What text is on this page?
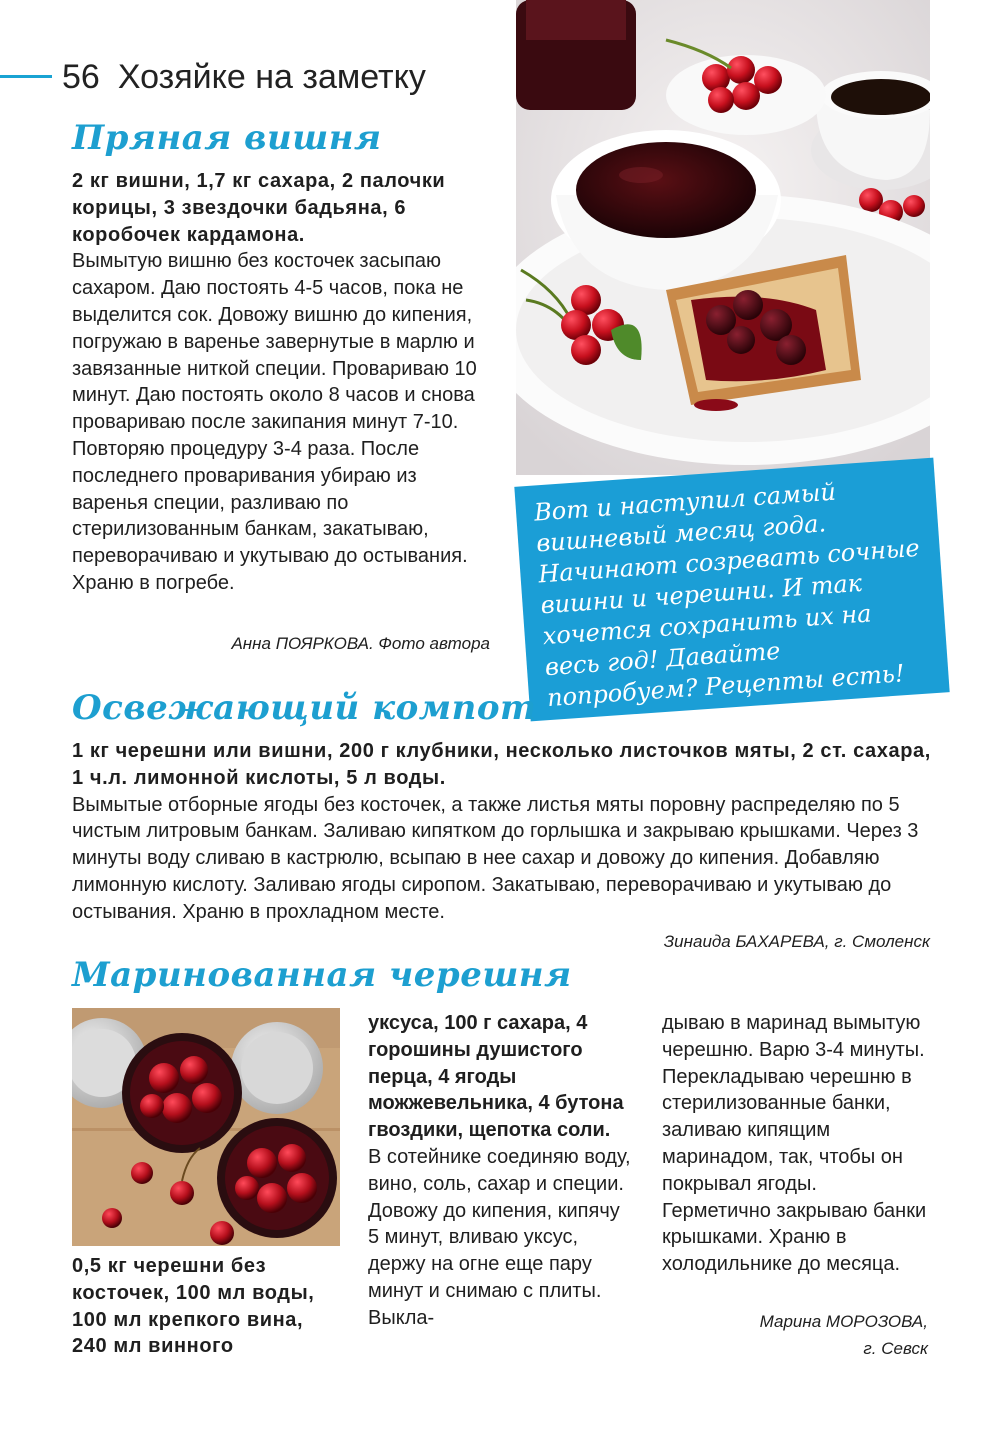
56 Хозяйке на заметку
Пряная вишня
2 кг вишни, 1,7 кг сахара, 2 палочки корицы, 3 звездочки бадьяна, 6 коробочек кардамона.
Вымытую вишню без косточек засыпаю сахаром. Даю постоять 4-5 часов, пока не выделится сок. Довожу вишню до кипения, погружаю в варенье завернутые в марлю и завязанные ниткой специи. Провариваю 10 минут. Даю постоять около 8 часов и снова провариваю после закипания минут 7-10. Повторяю процедуру 3-4 раза. После последнего проваривания убираю из варенья специи, разливаю по стерилизованным банкам, закатываю, переворачиваю и укутываю до остывания. Храню в погребе.
Анна ПОЯРКОВА. Фото автора
Вот и наступил самый вишневый месяц года. Начинают созревать сочные вишни и черешни. И так хочется сохранить их на весь год! Давайте попробуем? Рецепты есть!
Освежающий компот
1 кг черешни или вишни, 200 г клубники, несколько листочков мяты, 2 ст. сахара, 1 ч.л. лимонной кислоты, 5 л воды.
Вымытые отборные ягоды без косточек, а также листья мяты поровну распределяю по 5 чистым литровым банкам. Заливаю кипятком до горлышка и закрываю крышками. Через 3 минуты воду сливаю в кастрюлю, всыпаю в нее сахар и довожу до кипения. Добавляю лимонную кислоту. Заливаю ягоды сиропом. Закатываю, переворачиваю и укутываю до остывания. Храню в прохладном месте.
Зинаида БАХАРЕВА, г. Смоленск
Маринованная черешня
0,5 кг черешни без косточек, 100 мл воды, 100 мл крепкого вина, 240 мл винного
уксуса, 100 г сахара, 4 горошины душистого перца, 4 ягоды можжевельника, 4 бутона гвоздики, щепотка соли.
В сотейнике соединяю воду, вино, соль, сахар и специи. Довожу до кипения, кипячу 5 минут, вливаю уксус, держу на огне еще пару минут и снимаю с плиты. Выкла-
дываю в маринад вымытую черешню. Варю 3-4 минуты. Перекладываю черешню в стерилизованные банки, заливаю кипящим маринадом, так, чтобы он покрывал ягоды. Герметично закрываю банки крышками. Храню в холодильнике до месяца.
Марина МОРОЗОВА,
г. Севск
